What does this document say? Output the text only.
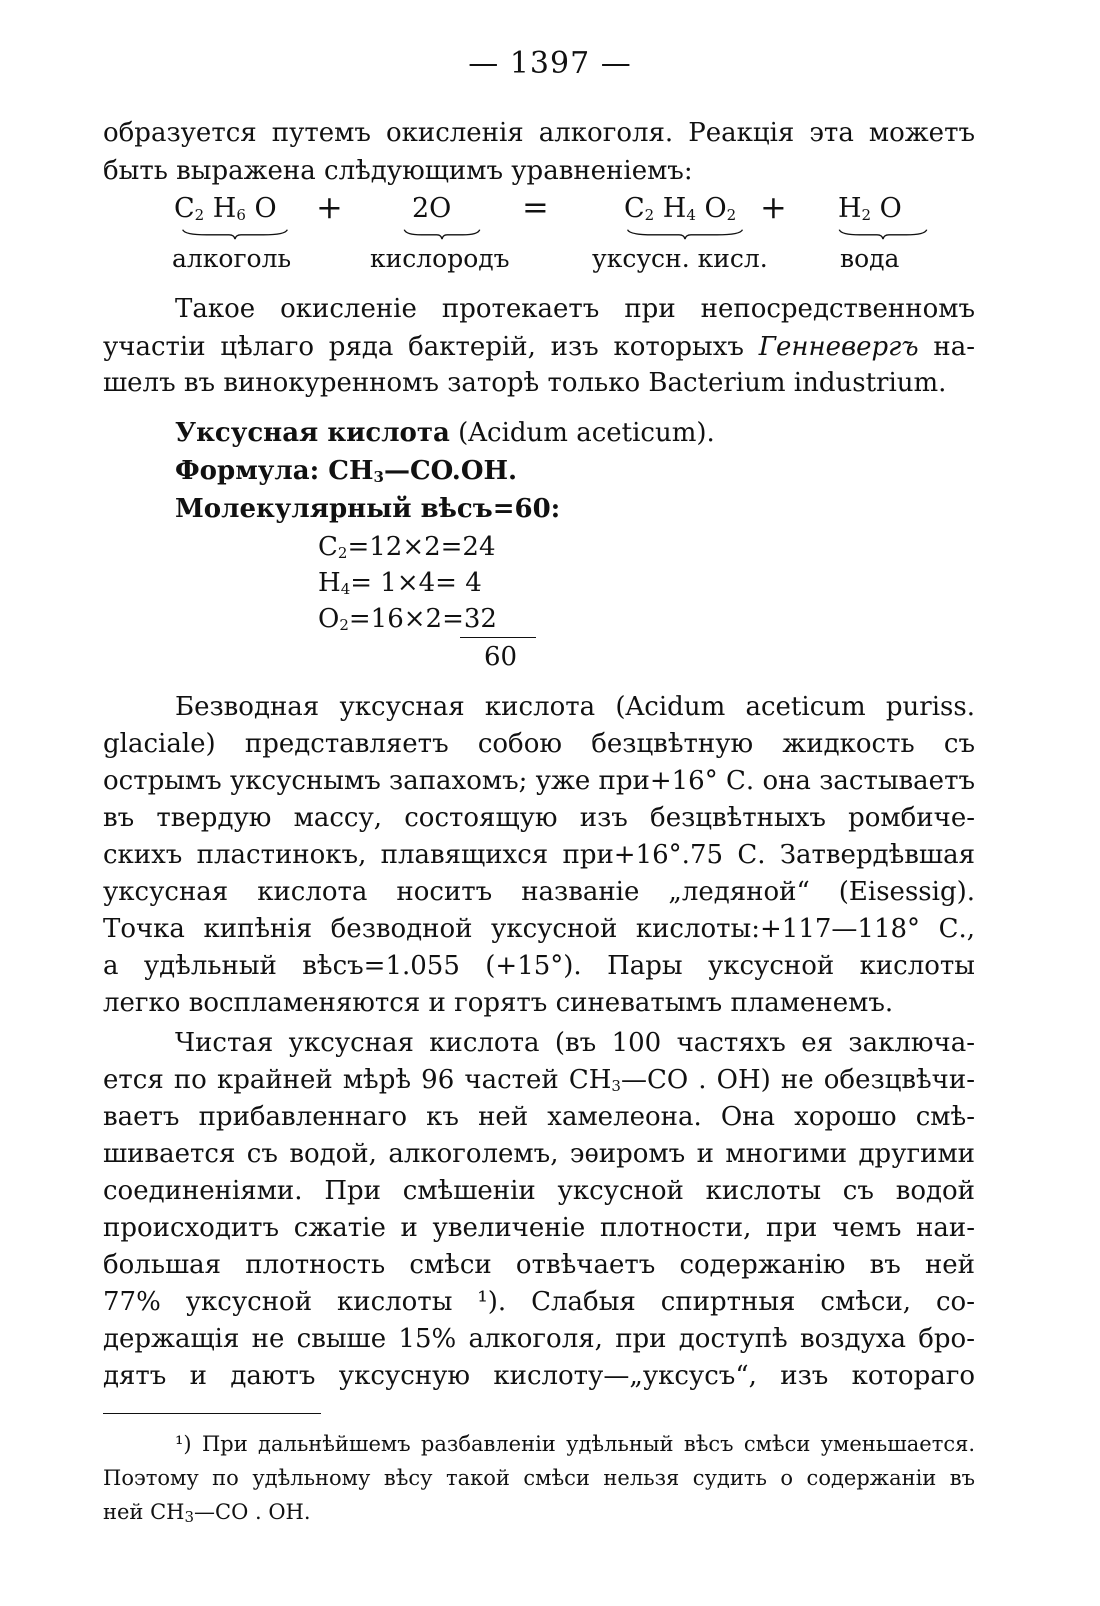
— 1397 —
образуется путемъ окисленія алкоголя. Реакція эта можетъ
быть выражена слѣдующимъ уравненіемъ:
$C_2$ $H_6$ O +	2O =	$C_2$ $H_4$ $O_2 + H_2$ O
алкоголь	кислородъ	уксусн. кисл.	вода
Такое окисленіе протекаетъ при непосредственномъ
участіи цѣлаго ряда бактерій, изъ которыхъ Генневергъ на-
шелъ въ винокуренномъ заторѣ только Bacterium industrium.
Уксусная кислота (Acidum aceticum).
Формула: $CH_3—CO.OH$.
Молекулярный вѣсъ=60:
$C_2=12\times 2=24$
$H_4= 1\times 4= 4$
$O_2=16\times 2=32$
60
Безводная уксусная кислота (Acidum aceticum puriss.
glaciale) представляетъ собою безцвѣтную жидкость съ
острымъ уксуснымъ запахомъ; уже при+16° С. она застываетъ
въ твердую массу, состоящую изъ безцвѣтныхъ ромбиче-
скихъ пластинокъ, плавящихся при+16°.75 С. Затвердѣвшая
уксусная кислота носитъ названіе „ледяной“ (Eisessig).
Точка кипѣнія безводной уксусной кислоты:+117—118° С.,
а удѣльный вѣсъ=1.055 (+15°). Пары уксусной кислоты
легко воспламеняются и горятъ синеватымъ пламенемъ.
Чистая уксусная кислота (въ 100 частяхъ ея заключа-
ется по крайней мѣрѣ 96 частей $CH_3—CO$ . OH) не обезцвѣчи-
ваетъ прибавленнаго къ ней хамелеона. Она хорошо смѣ-
шивается съ водой, алкоголемъ, эѳиромъ и многими другими
соединеніями. При смѣшеніи уксусной кислоты съ водой
происходитъ сжатіе и увеличеніе плотности, при чемъ наи-
большая плотность смѣси отвѣчаетъ содержанію въ ней
77% уксусной кислоты ¹). Слабыя спиртныя смѣси, со-
держащія не свыше 15% алкоголя, при доступѣ воздуха бро-
дятъ и даютъ уксусную кислоту—„уксусъ“, изъ котораго
¹) При дальнѣйшемъ разбавленіи удѣльный вѣсъ смѣси уменьшается.
Поэтому по удѣльному вѣсу такой смѣси нельзя судить о содержаніи въ
ней $CH_3—CO$ . OH.
